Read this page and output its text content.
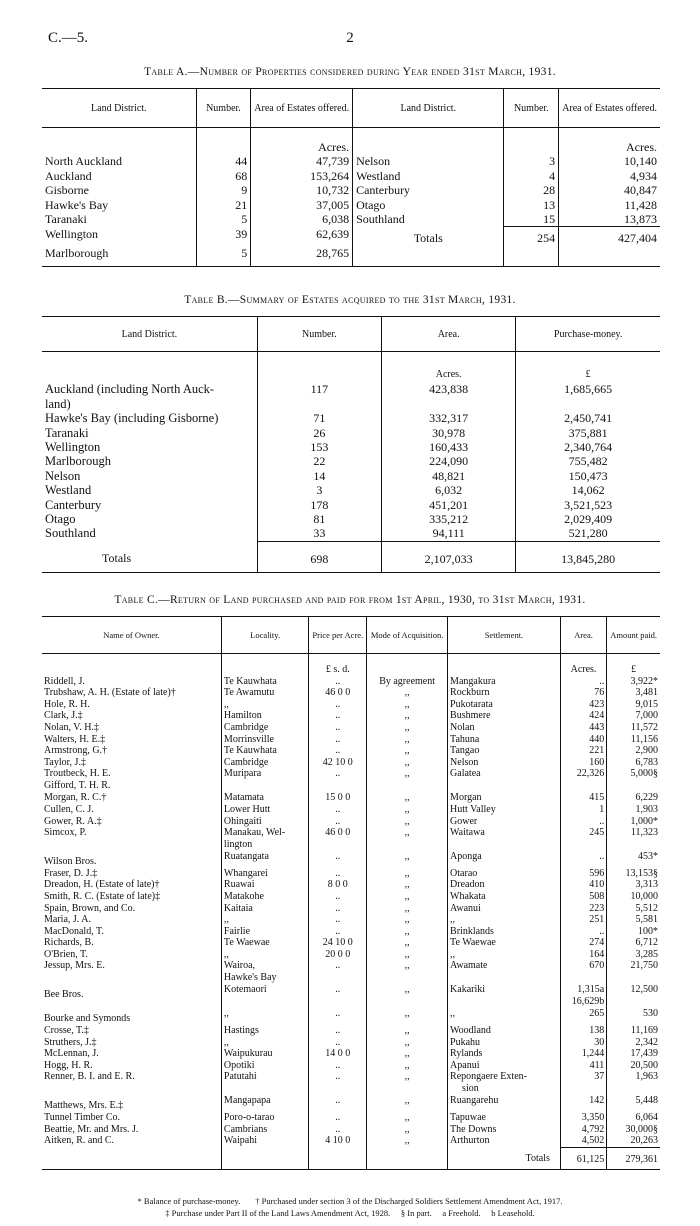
C.—5.	2
Table A.—Number of Properties considered during Year ended 31st March, 1931.
Land District.	Number.	Area of Estates offered.	Land District.	Number.	Area of Estates offered.
		Acres.			Acres.
North Auckland	44	47,739	Nelson	3	10,140
Auckland	68	153,264	Westland	4	4,934
Gisborne	9	10,732	Canterbury	28	40,847
Hawke's Bay	21	37,005	Otago	13	11,428
Taranaki	5	6,038	Southland	15	13,873
Wellington	39	62,639	Totals	254	427,404
Marlborough	5	28,765			

Table B.—Summary of Estates acquired to the 31st March, 1931.
Land District.	Number.	Area.	Purchase-money.
		Acres.	£

Auckland (including North Auck-
land)	117	423,838	1,685,665

Hawke's Bay (including Gisborne)	71	332,317	2,450,741

Taranaki	26	30,978	375,881

Wellington	153	160,433	2,340,764

Marlborough	22	224,090	755,482

Nelson	14	48,821	150,473

Westland	3	6,032	14,062

Canterbury	178	451,201	3,521,523

Otago	81	335,212	2,029,409

Southland	33	94,111	521,280
Totals	698	2,107,033	13,845,280
Table C.—Return of Land purchased and paid for from 1st April, 1930, to 31st March, 1931.
Name of Owner.	Locality.	Price per Acre.	Mode of Acquisition.	Settlement.	Area.	Amount paid.
		£ s. d.			Acres.	£

Riddell, J.	Te Kauwhata	..	By agreement	Mangakura	..	3,922*

Trubshaw, A. H. (Estate of late)†	Te Awamutu	46 0 0	,,	Rockburn	76	3,481

Hole, R. H.	,,	..	,,	Pukotarata	423	9,015

Clark, J.‡	Hamilton	..	,,	Bushmere	424	7,000

Nolan, V. H.‡	Cambridge	..	,,	Nolan	443	11,572

Walters, H. E.‡	Morrinsville	..	,,	Tahuna	440	11,156

Armstrong, G.†	Te Kauwhata	..	,,	Tangao	221	2,900

Taylor, J.‡	Cambridge	42 10 0	,,	Nelson	160	6,783

Troutbeck, H. E.
Gifford, T. H. R.	Muripara	..	,,	Galatea	22,326	5,000§

Morgan, R. C.†	Matamata	15 0 0	,,	Morgan	415	6,229

Cullen, C. J.	Lower Hutt	..	,,	Hutt Valley	1	1,903

Gower, R. A.‡	Ohingaiti	..	,,	Gower	..	1,000*

Simcox, P.	Manakau, Wel-
lington	46 0 0	,,	Waitawa	245	11,323

Wilson Bros.	Ruatangata	..	,,	Aponga	..	453*

Fraser, D. J.‡	Whangarei	..	,,	Otarao	596	13,153§

Dreadon, H. (Estate of late)†	Ruawai	8 0 0	,,	Dreadon	410	3,313

Smith, R. C. (Estate of late)‡	Matakohe	..	,,	Whakata	508	10,000

Spain, Brown, and Co.	Kaitaia	..	,,	Awanui	223	5,512

Maria, J. A.	,,	..	,,	,,	251	5,581

MacDonald, T.	Fairlie	..	,,	Brinklands	..	100*

Richards, B.	Te Waewae	24 10 0	,,	Te Waewae	274	6,712

O'Brien, T.	,,	20 0 0	,,	,,	164	3,285

Jessup, Mrs. E.	Wairoa,
Hawke's Bay	..	,,	Awamate	670	21,750

Bee Bros.	Kotemaori	..	,,	Kakariki	1,315a
16,629b	12,500

Bourke and Symonds	,,	..	,,	,,	265	530

Crosse, T.‡	Hastings	..	,,	Woodland	138	11,169

Struthers, J.‡	,,	..	,,	Pukahu	30	2,342

McLennan, J.	Waipukurau	14 0 0	,,	Rylands	1,244	17,439

Hogg, H. R.	Opotiki	..	,,	Apanui	411	20,500

Renner, B. I. and E. R.	Patutahi	..	,,	Repongaere Exten-
sion	37	1,963

Matthews, Mrs. E.‡	Mangapapa	..	,,	Ruangarehu	142	5,448

Tunnel Timber Co.	Poro-o-tarao	..	,,	Tapuwae	3,350	6,064

Beattie, Mr. and Mrs. J.	Cambrians	..	,,	The Downs	4,792	30,000§

Aitken, R. and C.	Waipahi	4 10 0	,,	Arthurton	4,502	20,263
				Totals	61,125	279,361
* Balance of purchase-money. † Purchased under section 3 of the Discharged Soldiers Settlement Amendment Act, 1917.
‡ Purchase under Part II of the Land Laws Amendment Act, 1928. § In part. a Freehold. b Leasehold.
